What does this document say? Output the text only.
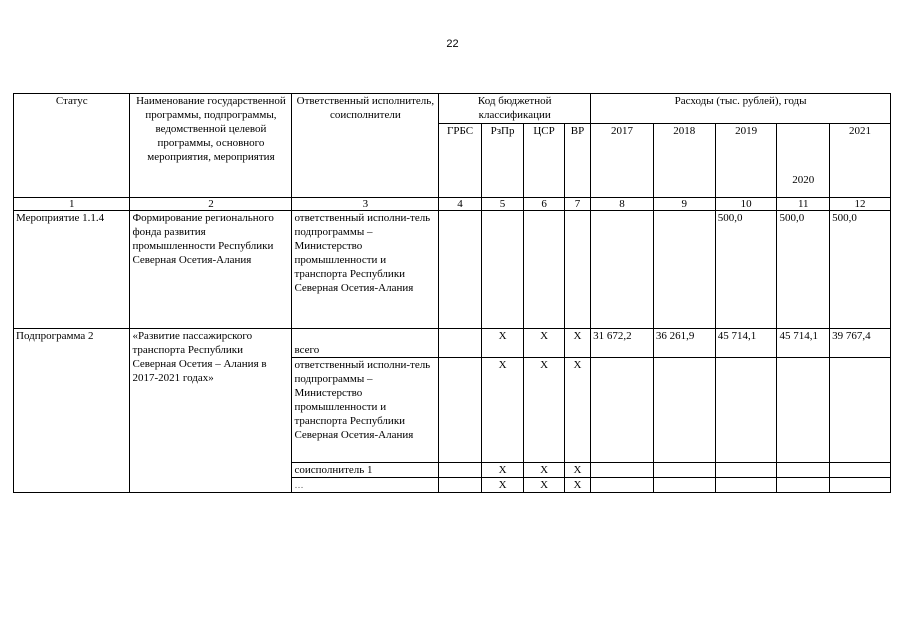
22
Статус	Наименование государственной программы, подпрограммы, ведомственной целевой программы, основного мероприятия, мероприятия	Ответственный исполнитель, соисполнители	Код бюджетной классификации				Расходы (тыс. рублей), годы				
			ГРБС	РзПр	ЦСР	ВР	2017	2018	2019	2020	2021
1	2	3	4	5	6	7	8	9	10	11	12
Мероприятие 1.1.4	Формирование регионального фонда развития промышленности Республики Северная Осетия-Алания	ответственный исполни-тель подпрограммы – Министерство промышленности и транспорта Республики Северная Осетия-Алания							500,0	500,0	500,0
Подпрограмма 2	«Развитие пассажирского транспорта Республики Северная Осетия – Алания в 2017-2021 годах»	всего		Х	Х	Х	31 672,2	36 261,9	45 714,1	45 714,1	39 767,4
		ответственный исполни-тель подпрограммы – Министерство промышленности и транспорта Республики Северная Осетия-Алания		Х	Х	Х					
		соисполнитель 1		Х	Х	Х					
		…		Х	Х	Х					
